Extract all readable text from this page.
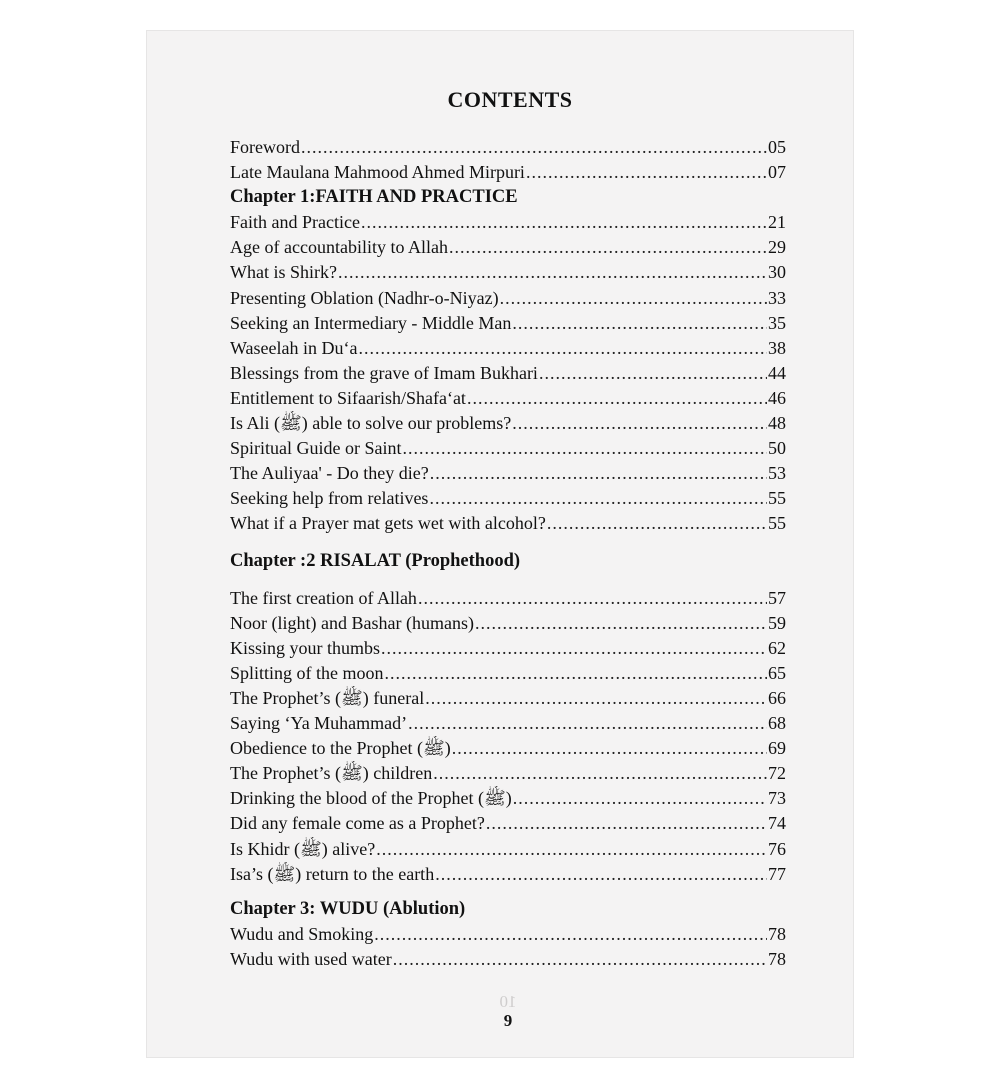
10
CONTENTS
Foreword .....	05
Late Maulana Mahmood Ahmed Mirpuri .....	07
Chapter 1:FAITH AND PRACTICE
Faith and Practice .....	21
Age of accountability to Allah .....	29
What is Shirk? .....	30
Presenting Oblation (Nadhr-o-Niyaz) .....	33
Seeking an Intermediary - Middle Man .....	35
Waseelah in Du‘a .....	38
Blessings from the grave of Imam Bukhari .....	44
Entitlement to Sifaarish/Shafa‘at .....	46
Is Ali (ﷺ) able to solve our problems? .....	48
Spiritual Guide or Saint .....	50
The Auliyaa' - Do they die? .....	53
Seeking help from relatives .....	55
What if a Prayer mat gets wet with alcohol? .....	55
Chapter :2 RISALAT (Prophethood)
The first creation of Allah .....	57
Noor (light) and Bashar (humans) .....	59
Kissing your thumbs .....	62
Splitting of the moon .....	65
The Prophet’s (ﷺ) funeral .....	66
Saying ‘Ya Muhammad’ .....	68
Obedience to the Prophet (ﷺ) .....	69
The Prophet’s (ﷺ) children .....	72
Drinking the blood of the Prophet (ﷺ) .....	73
Did any female come as a Prophet? .....	74
Is Khidr (ﷺ) alive? .....	76
Isa’s (ﷺ) return to the earth .....	77
Chapter 3: WUDU (Ablution)
Wudu and Smoking .....	78
Wudu with used water .....	78
9
